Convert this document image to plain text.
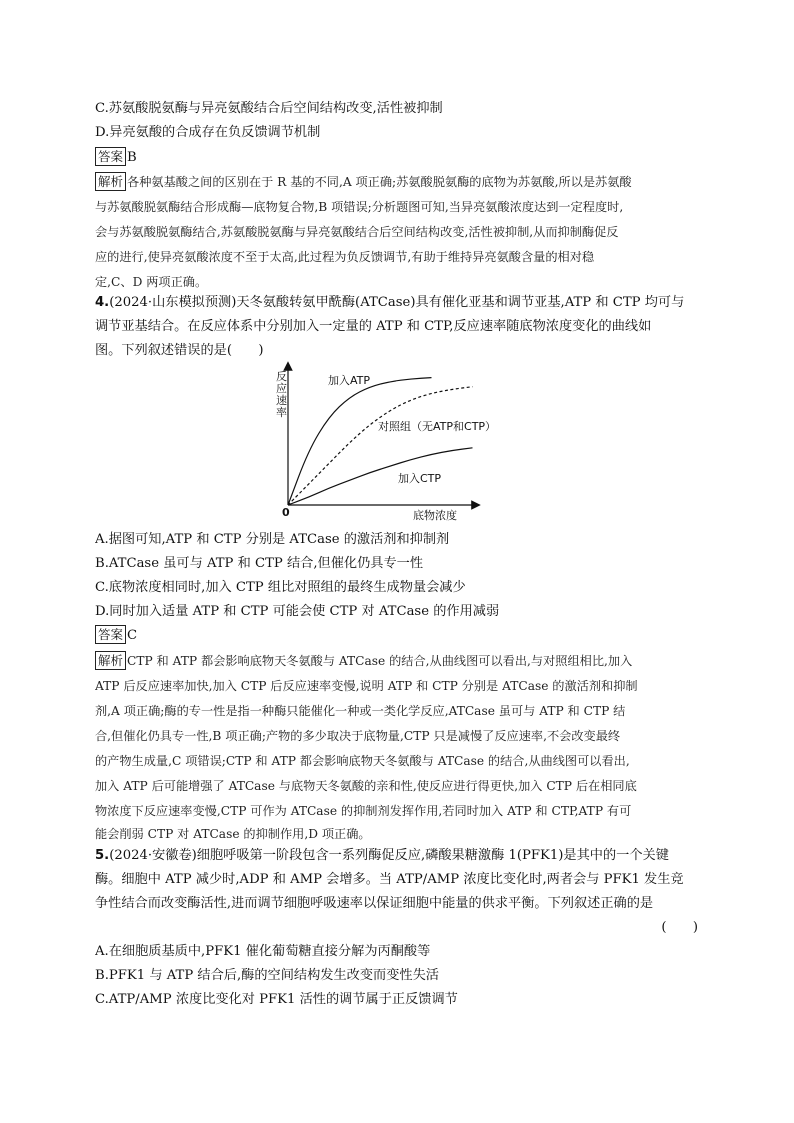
C.苏氨酸脱氨酶与异亮氨酸结合后空间结构改变,活性被抑制
D.异亮氨酸的合成存在负反馈调节机制
答案 B
解析 各种氨基酸之间的区别在于 R 基的不同,A 项正确;苏氨酸脱氨酶的底物为苏氨酸,所以是苏氨酸
与苏氨酸脱氨酶结合形成酶—底物复合物,B 项错误;分析题图可知,当异亮氨酸浓度达到一定程度时,
会与苏氨酸脱氨酶结合,苏氨酸脱氨酶与异亮氨酸结合后空间结构改变,活性被抑制,从而抑制酶促反
应的进行,使异亮氨酸浓度不至于太高,此过程为负反馈调节,有助于维持异亮氨酸含量的相对稳
定,C、D 两项正确。
4.(2024·山东模拟预测)天冬氨酸转氨甲酰酶(ATCase)具有催化亚基和调节亚基,ATP 和 CTP 均可与
调节亚基结合。在反应体系中分别加入一定量的 ATP 和 CTP,反应速率随底物浓度变化的曲线如
图。下列叙述错误的是(　　)
反应速率
底物浓度
0
加入ATP
对照组（无ATP和CTP）
加入CTP
A.据图可知,ATP 和 CTP 分别是 ATCase 的激活剂和抑制剂
B.ATCase 虽可与 ATP 和 CTP 结合,但催化仍具专一性
C.底物浓度相同时,加入 CTP 组比对照组的最终生成物量会减少
D.同时加入适量 ATP 和 CTP 可能会使 CTP 对 ATCase 的作用减弱
答案 C
解析 CTP 和 ATP 都会影响底物天冬氨酸与 ATCase 的结合,从曲线图可以看出,与对照组相比,加入
ATP 后反应速率加快,加入 CTP 后反应速率变慢,说明 ATP 和 CTP 分别是 ATCase 的激活剂和抑制
剂,A 项正确;酶的专一性是指一种酶只能催化一种或一类化学反应,ATCase 虽可与 ATP 和 CTP 结
合,但催化仍具专一性,B 项正确;产物的多少取决于底物量,CTP 只是减慢了反应速率,不会改变最终
的产物生成量,C 项错误;CTP 和 ATP 都会影响底物天冬氨酸与 ATCase 的结合,从曲线图可以看出,
加入 ATP 后可能增强了 ATCase 与底物天冬氨酸的亲和性,使反应进行得更快,加入 CTP 后在相同底
物浓度下反应速率变慢,CTP 可作为 ATCase 的抑制剂发挥作用,若同时加入 ATP 和 CTP,ATP 有可
能会削弱 CTP 对 ATCase 的抑制作用,D 项正确。
5.(2024·安徽卷)细胞呼吸第一阶段包含一系列酶促反应,磷酸果糖激酶 1(PFK1)是其中的一个关键
酶。细胞中 ATP 减少时,ADP 和 AMP 会增多。当 ATP/AMP 浓度比变化时,两者会与 PFK1 发生竞
争性结合而改变酶活性,进而调节细胞呼吸速率以保证细胞中能量的供求平衡。下列叙述正确的是
(　　)
A.在细胞质基质中,PFK1 催化葡萄糖直接分解为丙酮酸等
B.PFK1 与 ATP 结合后,酶的空间结构发生改变而变性失活
C.ATP/AMP 浓度比变化对 PFK1 活性的调节属于正反馈调节
